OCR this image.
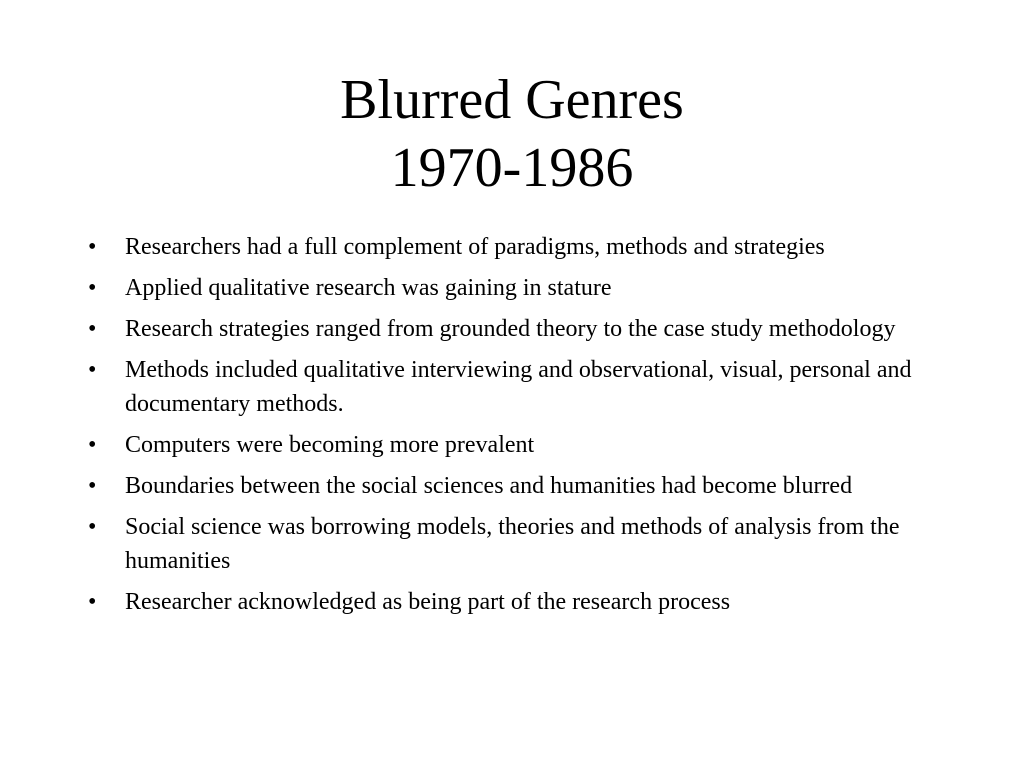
Blurred Genres
1970-1986
•	Researchers had a full complement of paradigms, methods and strategies
•	Applied qualitative research was gaining in stature
•	Research strategies ranged from grounded theory to the case study methodology
•	Methods included qualitative interviewing and observational, visual, personal and documentary methods.
•	Computers were becoming more prevalent
•	Boundaries between the social sciences and humanities had become blurred
•	Social science was borrowing models, theories and methods of analysis from the humanities
•	Researcher acknowledged as being part of the research process
